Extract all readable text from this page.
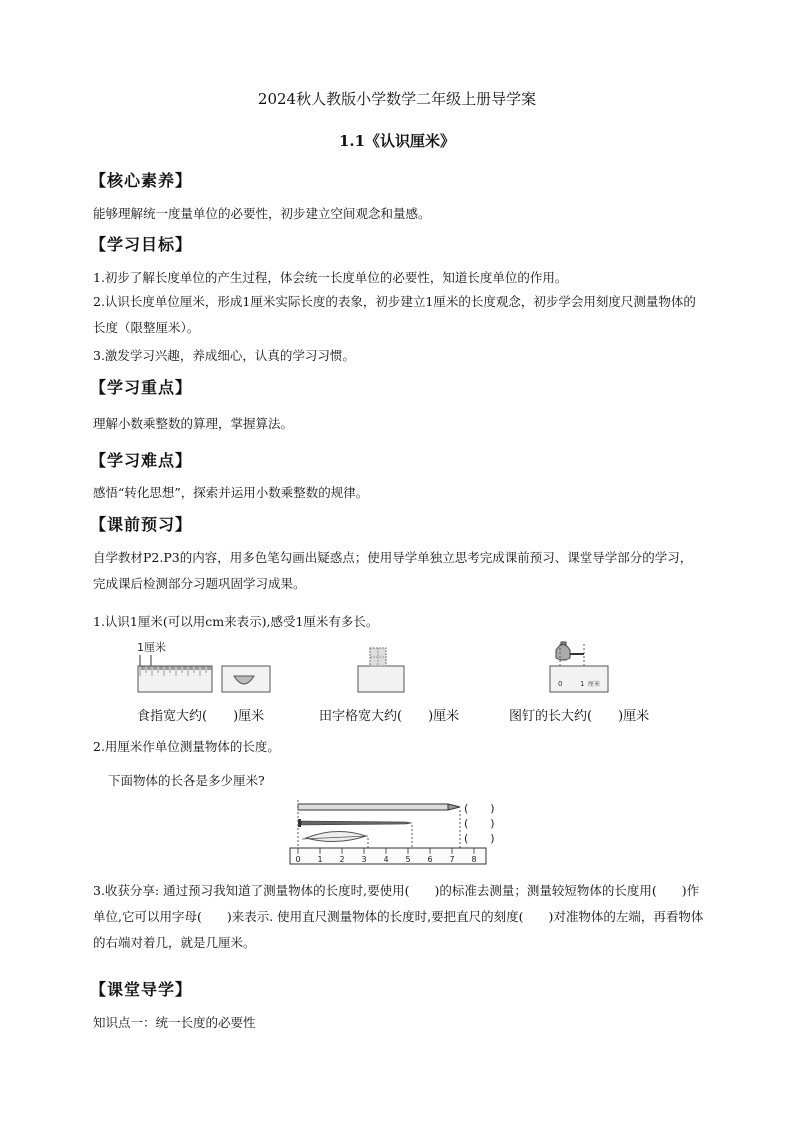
2024秋人教版小学数学二年级上册导学案
1.1《认识厘米》
【核心素养】
能够理解统一度量单位的必要性，初步建立空间观念和量感。
【学习目标】
1.初步了解长度单位的产生过程，体会统一长度单位的必要性，知道长度单位的作用。
2.认识长度单位厘米，形成1厘米实际长度的表象，初步建立1厘米的长度观念，初步学会用刻度尺测量物体的长度（限整厘米）。
3.激发学习兴趣，养成细心，认真的学习习惯。
【学习重点】
理解小数乘整数的算理，掌握算法。
【学习难点】
感悟“转化思想”，探索并运用小数乘整数的规律。
【课前预习】
自学教材P2.P3的内容，用多色笔勾画出疑惑点；使用导学单独立思考完成课前预习、课堂导学部分的学习，完成课后检测部分习题巩固学习成果。
1.认识1厘米(可以用cm来表示),感受1厘米有多长。
1厘米
0	1 厘米
食指宽大约(　　)厘米	田字格宽大约(　　)厘米	图钉的长大约(　　)厘米
2.用厘米作单位测量物体的长度。
下面物体的长各是多少厘米?
(　　)
(　　)
(　　)
0 1 2 3 4 5 6 7 8
3.收获分享: 通过预习我知道了测量物体的长度时,要使用(　　)的标准去测量；测量较短物体的长度用(　　)作单位,它可以用字母(　　)来表示. 使用直尺测量物体的长度时,要把直尺的刻度(　　)对准物体的左端，再看物体的右端对着几，就是几厘米。
【课堂导学】
知识点一：统一长度的必要性
